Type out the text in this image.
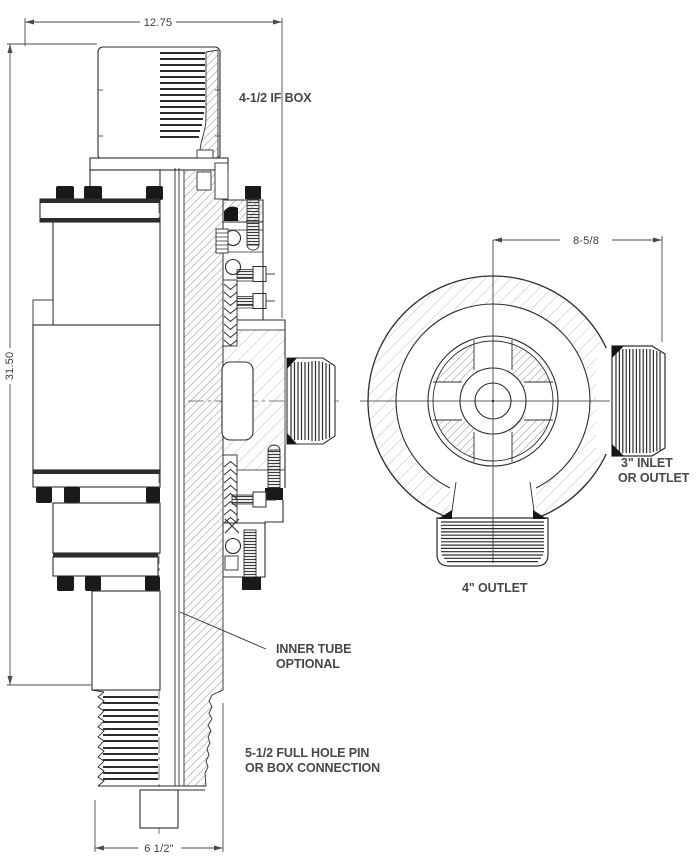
12.75
31.50
6 1/2"
8-5/8
4-1/2 IF BOX
INNER TUBE
OPTIONAL
5-1/2 FULL HOLE PIN
OR BOX CONNECTION
3" INLET
OR OUTLET
4" OUTLET
